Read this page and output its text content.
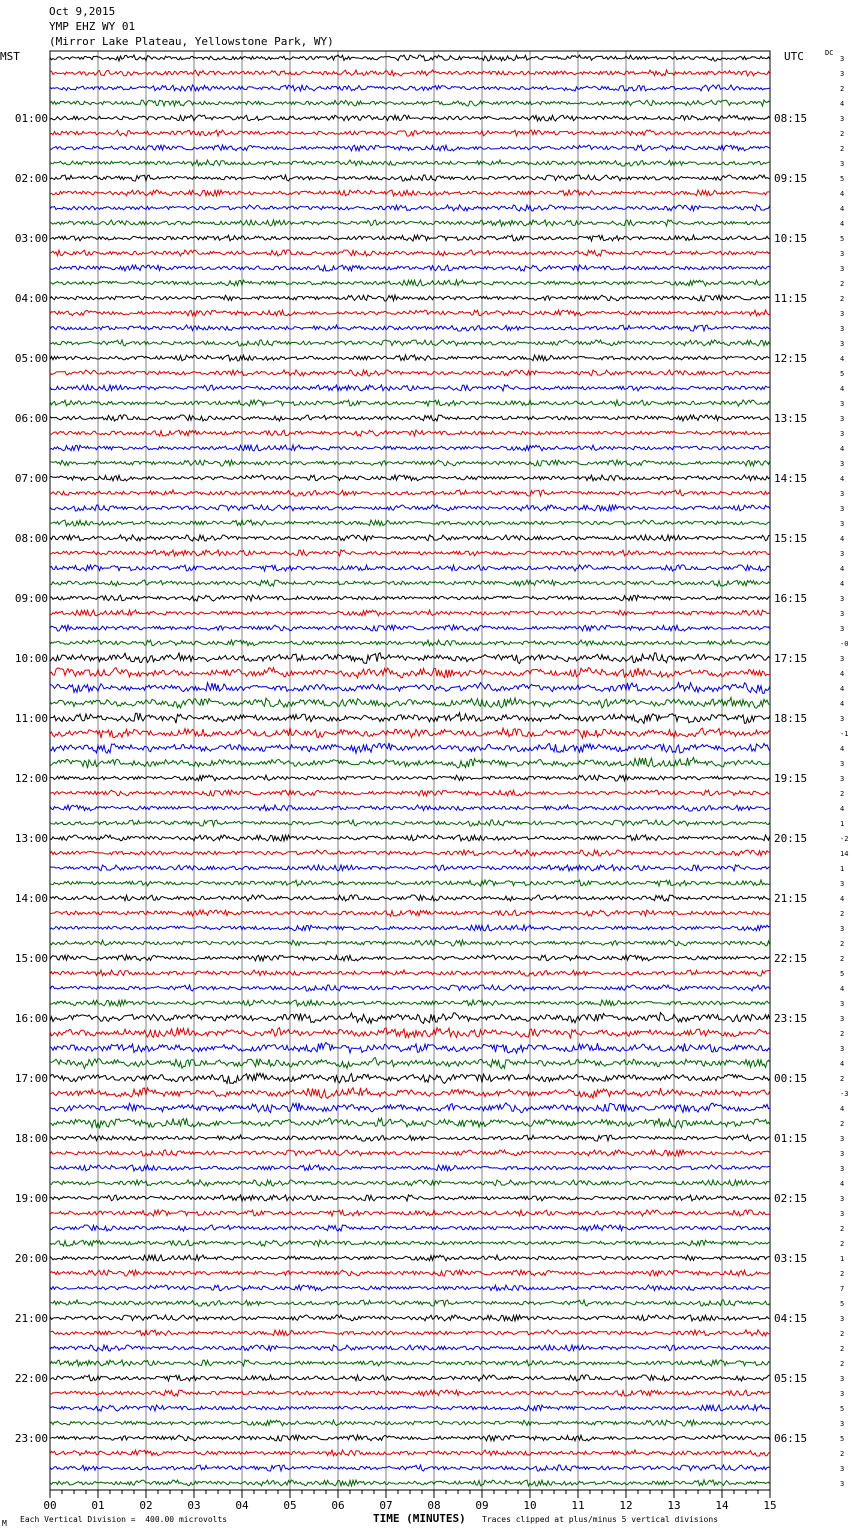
Oct 9,2015
YMP EHZ WY 01
(Mirror Lake Plateau, Yellowstone Park, WY)
MST	UTC	DC
3
3
2
4
3
2
2
3
5
4
4
4
5
3
3
2
2
3
3
3
4
5
4
3
3
3
4
3
4
3
3
3
4
3
4
4
3
3
3
-0
3
4
4
4
3
-1
4
3
3
2
4
1
-2
14
1
3
4
2
3
2
2
5
4
3
3
2
3
4
2
-3
4
2
3
3
3
4
3
3
2
2
1
2
7
5
3
2
2
2
3
3
5
3
5
2
3
3
01:00
02:00
03:00
04:00
05:00
06:00
07:00
08:00
09:00
10:00
11:00
12:00
13:00
14:00
15:00
16:00
17:00
18:00
19:00
20:00
21:00
22:00
23:00
08:15
09:15
10:15
11:15
12:15
13:15
14:15
15:15
16:15
17:15
18:15
19:15
20:15
21:15
22:15
23:15
00:15
01:15
02:15
03:15
04:15
05:15
06:15
00	01	02	03	04	05	06	07	08	09	10	11	12	13	14	15
M Each Vertical Division =  400.00 microvolts	TIME (MINUTES) Traces clipped at plus/minus 5 vertical divisions
